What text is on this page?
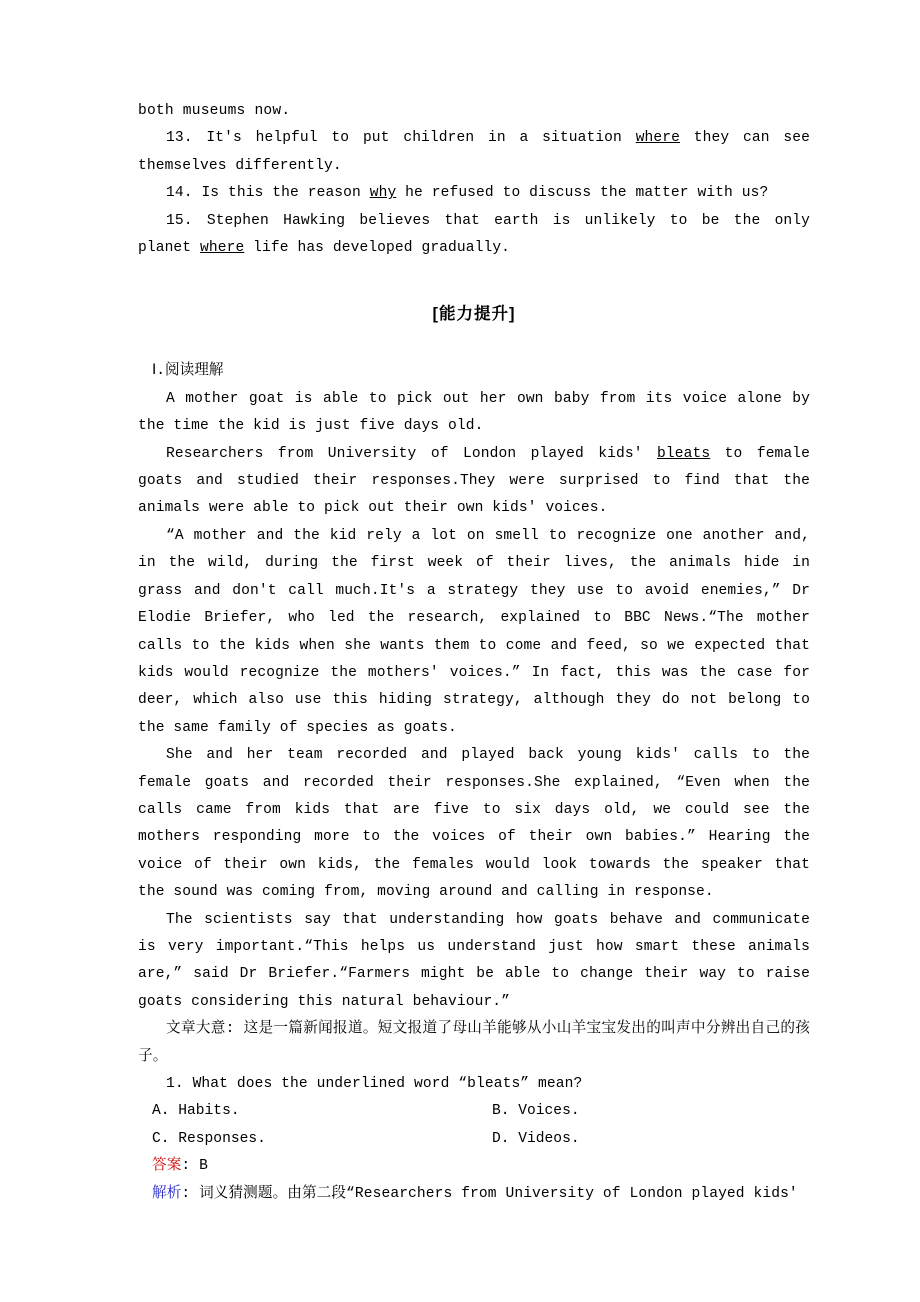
both museums now.
13. It's helpful to put children in a situation where they can see themselves differently.
14. Is this the reason why he refused to discuss the matter with us?
15. Stephen Hawking believes that earth is unlikely to be the only planet where life has developed gradually.
[能力提升]
Ⅰ.阅读理解
A mother goat is able to pick out her own baby from its voice alone by the time the kid is just five days old.
Researchers from University of London played kids' bleats to female goats and studied their responses.They were surprised to find that the animals were able to pick out their own kids' voices.
“A mother and the kid rely a lot on smell to recognize one another and, in the wild, during the first week of their lives, the animals hide in grass and don't call much.It's a strategy they use to avoid enemies,” Dr Elodie Briefer, who led the research, explained to BBC News.“The mother calls to the kids when she wants them to come and feed, so we expected that kids would recognize the mothers' voices.” In fact, this was the case for deer, which also use this hiding strategy, although they do not belong to the same family of species as goats.
She and her team recorded and played back young kids' calls to the female goats and recorded their responses.She explained, “Even when the calls came from kids that are five to six days old, we could see the mothers responding more to the voices of their own babies.” Hearing the voice of their own kids, the females would look towards the speaker that the sound was coming from, moving around and calling in response.
The scientists say that understanding how goats behave and communicate is very important.“This helps us understand just how smart these animals are,” said Dr Briefer.“Farmers might be able to change their way to raise goats considering this natural behaviour.”
文章大意: 这是一篇新闻报道。短文报道了母山羊能够从小山羊宝宝发出的叫声中分辨出自己的孩子。
1. What does the underlined word “bleats” mean?
A. Habits.	B. Voices.
C. Responses.	D. Videos.
答案: B
解析: 词义猜测题。由第二段“Researchers from University of London played kids'
